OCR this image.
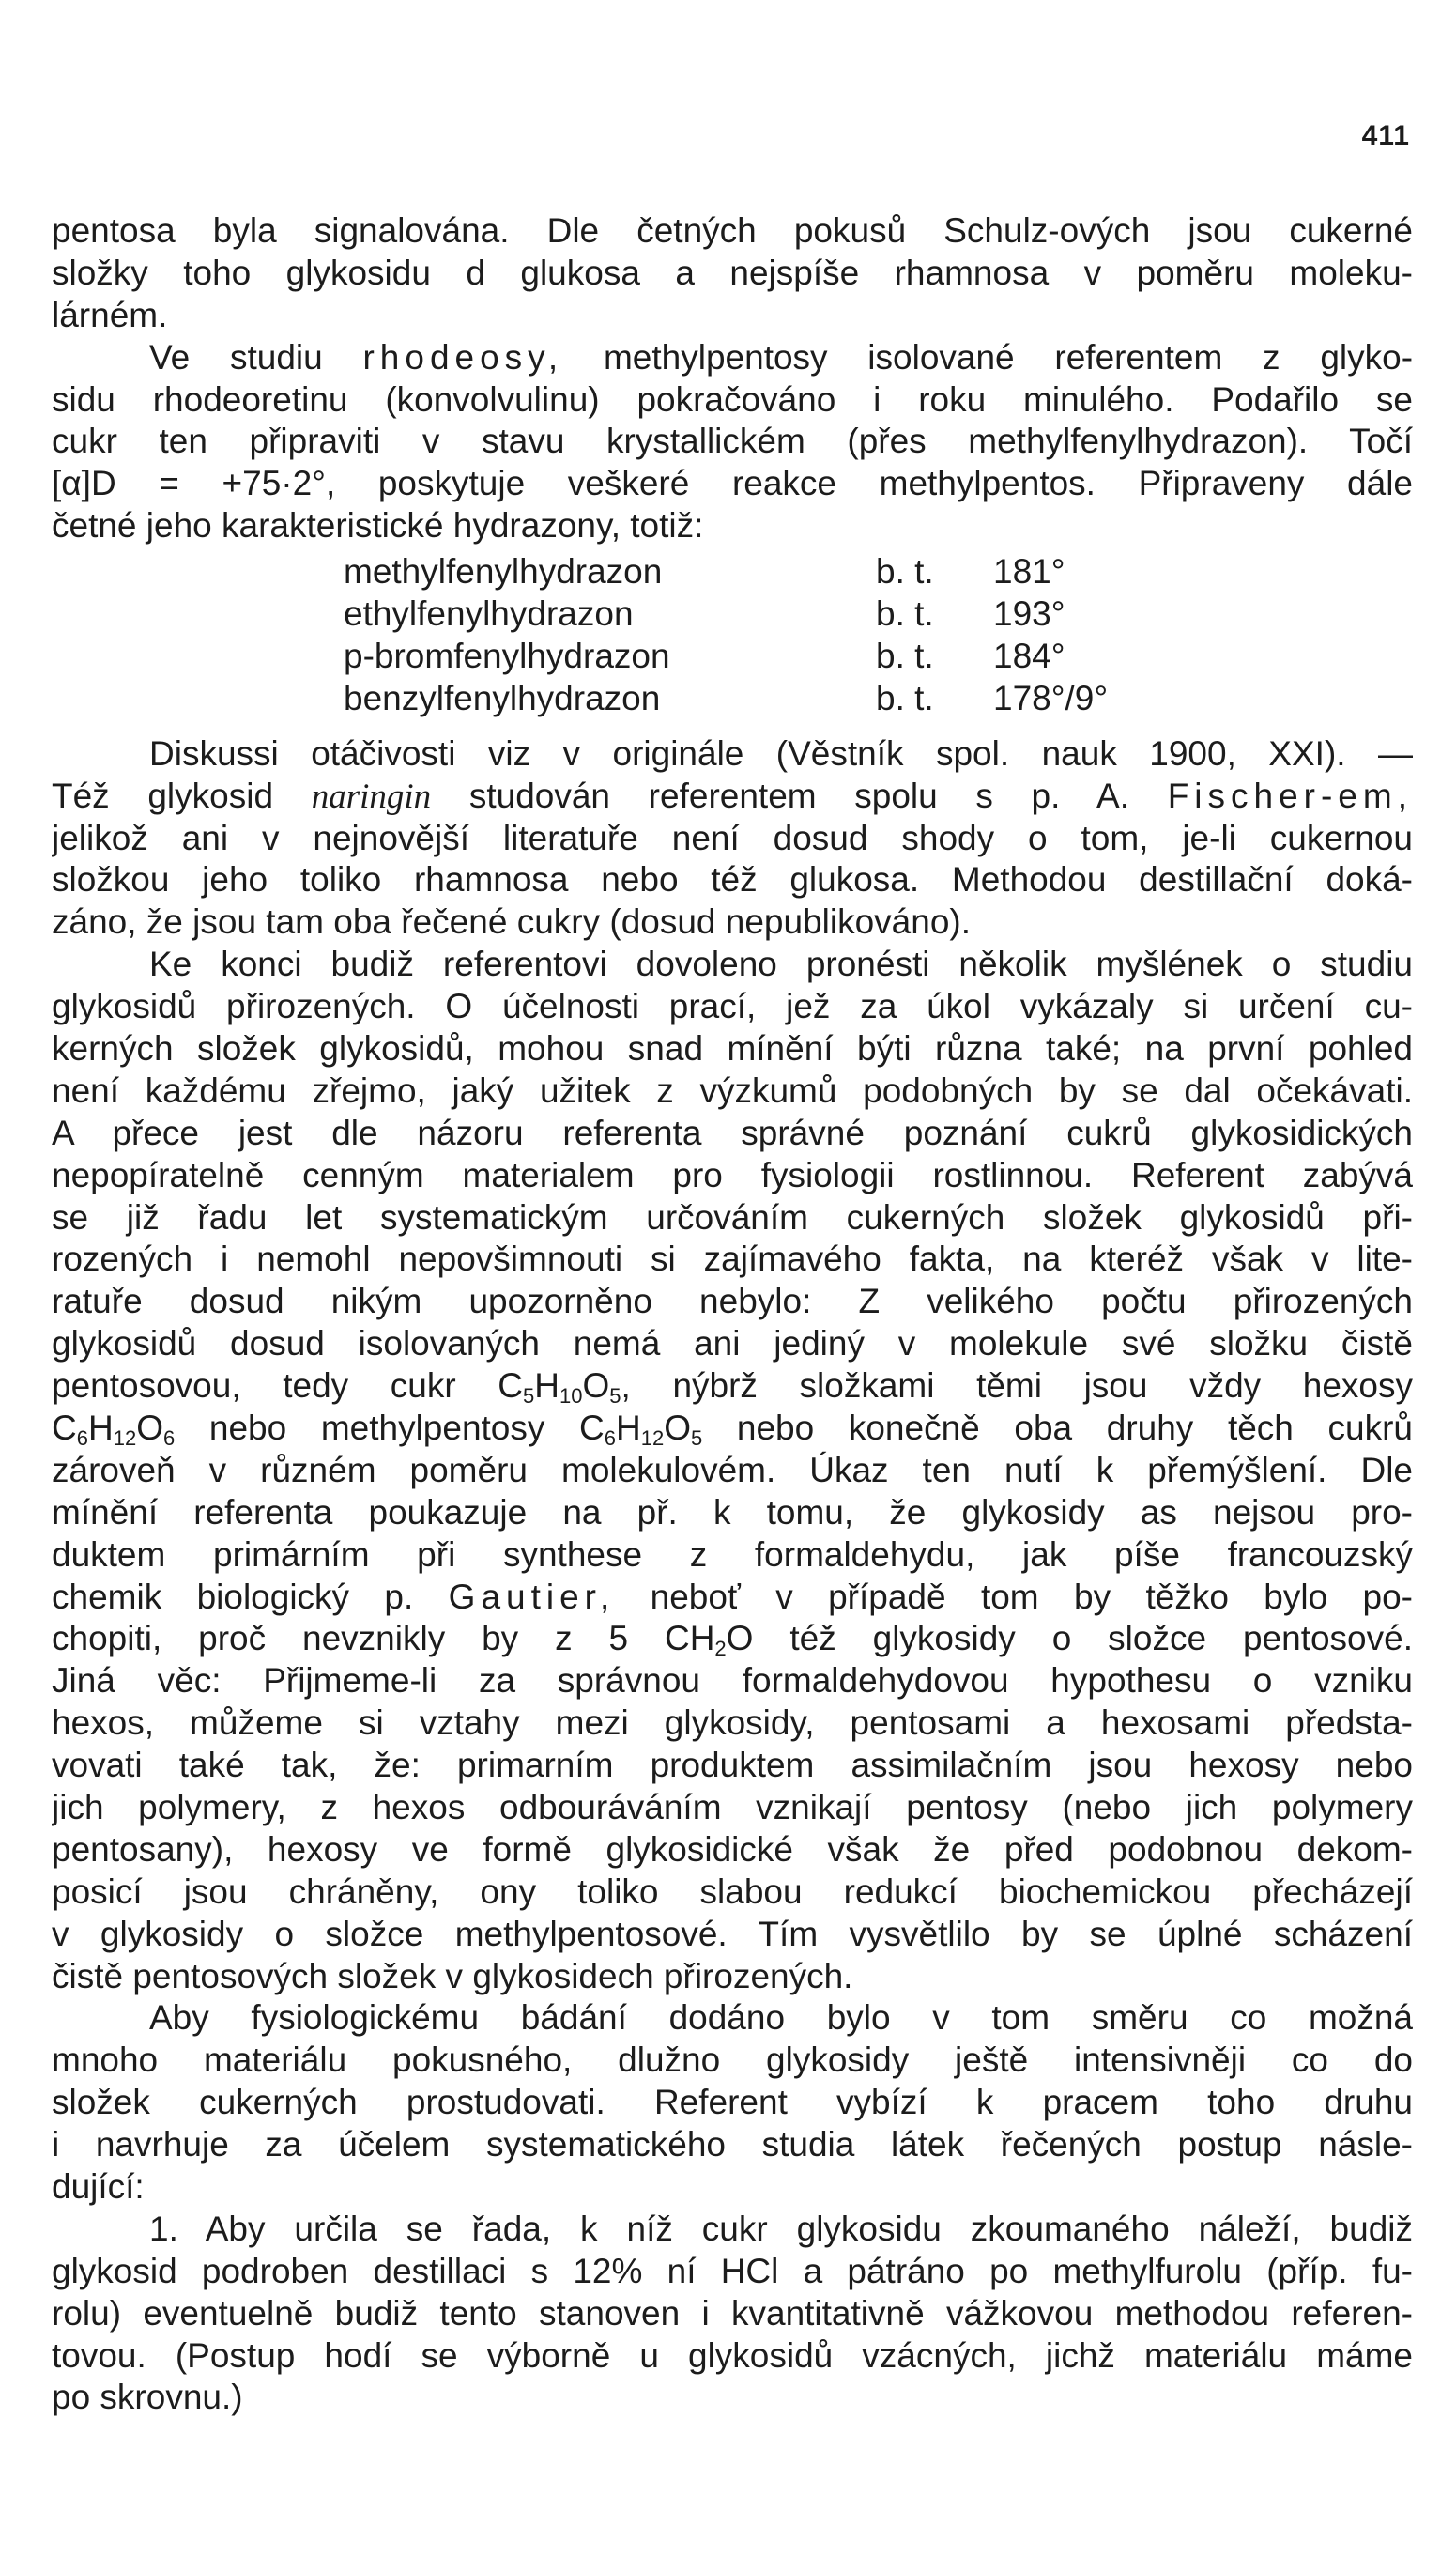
411
pentosa byla signalována. Dle četných pokusů Schulz-ových jsou cukerné
složky toho glykosidu d glukosa a nejspíše rhamnosa v poměru moleku-
lárném.
Ve studiu rhodeosy, methylpentosy isolované referentem z glyko-
sidu rhodeoretinu (konvolvulinu) pokračováno i roku minulého. Podařilo se
cukr ten připraviti v stavu krystallickém (přes methylfenylhydrazon). Točí
[α]D = +75·2°, poskytuje veškeré reakce methylpentos. Připraveny dále
četné jeho karakteristické hydrazony, totiž:
methylfenylhydrazon	b. t.	181°
ethylfenylhydrazon	b. t.	193°
p-bromfenylhydrazon	b. t.	184°
benzylfenylhydrazon	b. t.	178°/9°
Diskussi otáčivosti viz v originále (Věstník spol. nauk 1900, XXI). —
Též glykosid naringin studován referentem spolu s p. A. Fischer-em,
jelikož ani v nejnovější literatuře není dosud shody o tom, je-li cukernou
složkou jeho toliko rhamnosa nebo též glukosa. Methodou destillační doká-
záno, že jsou tam oba řečené cukry (dosud nepublikováno).
Ke konci budiž referentovi dovoleno pronésti několik myšlének o studiu
glykosidů přirozených. O účelnosti prací, jež za úkol vykázaly si určení cu-
kerných složek glykosidů, mohou snad mínění býti různa také; na první pohled
není každému zřejmo, jaký užitek z výzkumů podobných by se dal očekávati.
A přece jest dle názoru referenta správné poznání cukrů glykosidických
nepopíratelně cenným materialem pro fysiologii rostlinnou. Referent zabývá
se již řadu let systematickým určováním cukerných složek glykosidů při-
rozených i nemohl nepovšimnouti si zajímavého fakta, na kteréž však v lite-
ratuře dosud nikým upozorněno nebylo: Z velikého počtu přirozených
glykosidů dosud isolovaných nemá ani jediný v molekule své složku čistě
pentosovou, tedy cukr $C_5H_{10}O_5$, nýbrž složkami těmi jsou vždy hexosy
$C_6H_{12}O_6$ nebo methylpentosy $C_6H_{12}O_5$ nebo konečně oba druhy těch cukrů
zároveň v různém poměru molekulovém. Úkaz ten nutí k přemýšlení. Dle
mínění referenta poukazuje na př. k tomu, že glykosidy as nejsou pro-
duktem primárním při synthese z formaldehydu, jak píše francouzský
chemik biologický p. Gautier, neboť v případě tom by těžko bylo po-
chopiti, proč nevznikly by z 5 $CH_2O$ též glykosidy o složce pentosové.
Jiná věc: Přijmeme-li za správnou formaldehydovou hypothesu o vzniku
hexos, můžeme si vztahy mezi glykosidy, pentosami a hexosami předsta-
vovati také tak, že: primarním produktem assimilačním jsou hexosy nebo
jich polymery, z hexos odbouráváním vznikají pentosy (nebo jich polymery
pentosany), hexosy ve formě glykosidické však že před podobnou dekom-
posicí jsou chráněny, ony toliko slabou redukcí biochemickou přecházejí
v glykosidy o složce methylpentosové. Tím vysvětlilo by se úplné scházení
čistě pentosových složek v glykosidech přirozených.
Aby fysiologickému bádání dodáno bylo v tom směru co možná
mnoho materiálu pokusného, dlužno glykosidy ještě intensivněji co do
složek cukerných prostudovati. Referent vybízí k pracem toho druhu
i navrhuje za účelem systematického studia látek řečených postup násle-
dující:
1. Aby určila se řada, k níž cukr glykosidu zkoumaného náleží, budiž
glykosid podroben destillaci s 12% ní HCl a pátráno po methylfurolu (příp. fu-
rolu) eventuelně budiž tento stanoven i kvantitativně vážkovou methodou referen-
tovou. (Postup hodí se výborně u glykosidů vzácných, jichž materiálu máme
po skrovnu.)
